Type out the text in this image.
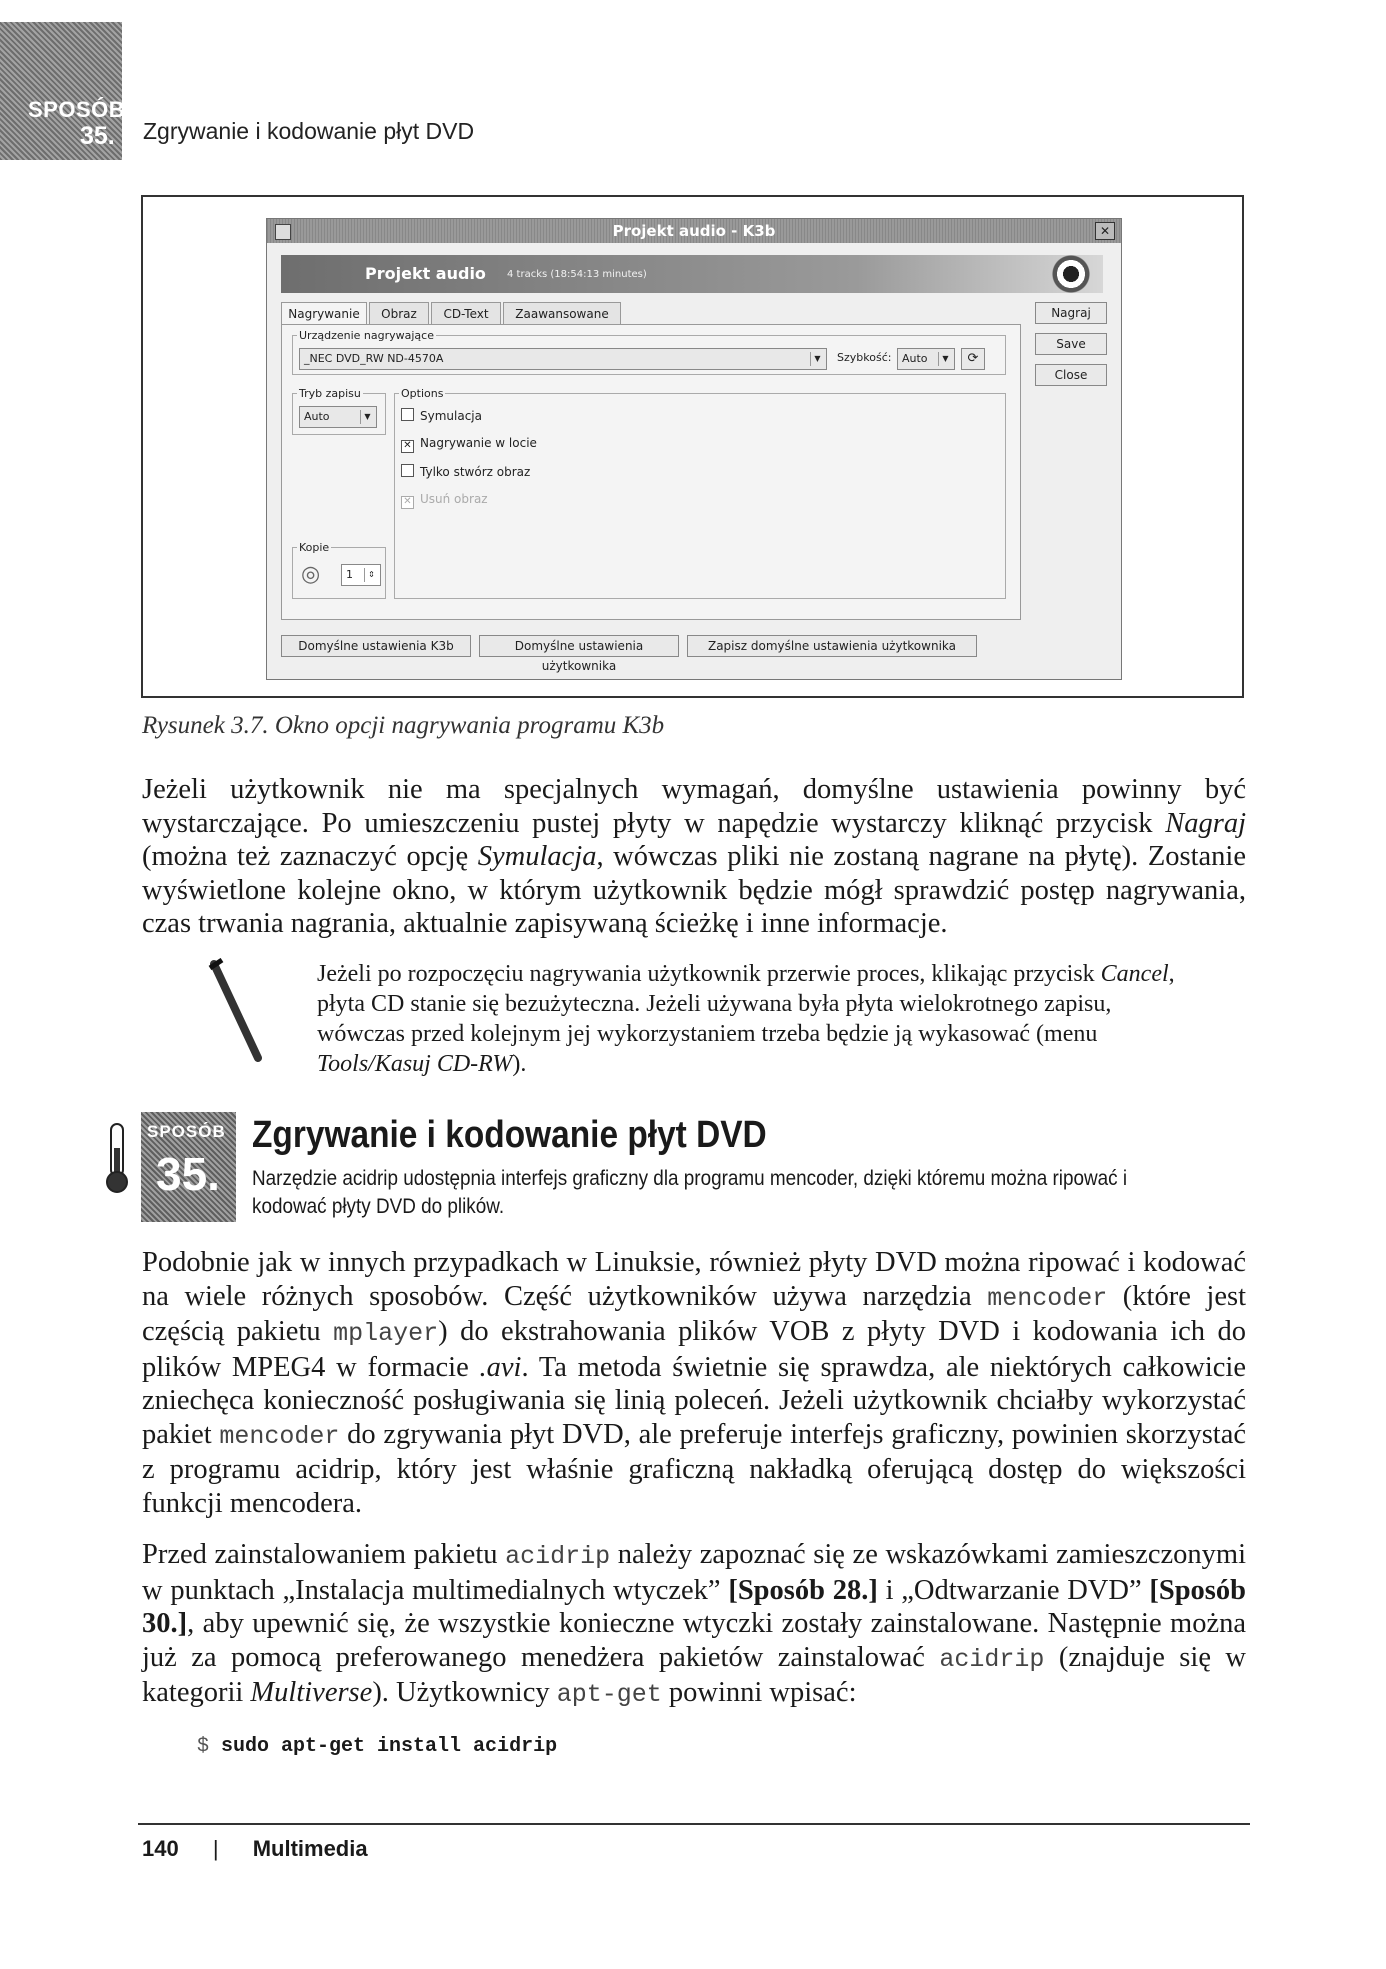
SPOSÓB
35. Zgrywanie i kodowanie płyt DVD
Projekt audio - K3b	✕
Projekt audio 4 tracks (18:54:13 minutes)
Nagrywanie	Obraz	CD-Text	Zaawansowane	Nagraj
Save
Close
Urządzenie nagrywające
_NEC DVD_RW ND-4570A	▼	Szybkość: Auto	▼	⟳
Tryb zapisu
Auto	▼
Options
Symulacja
✕ Nagrywanie w locie
Tylko stwórz obraz
✕ Usuń obraz
Kopie
◎	1	⇕
Domyślne ustawienia K3b	Domyślne ustawienia użytkownika
Zapisz domyślne ustawienia użytkownika
Rysunek 3.7. Okno opcji nagrywania programu K3b
Jeżeli użytkownik nie ma specjalnych wymagań, domyślne ustawienia powinny być wystarczające. Po umieszczeniu pustej płyty w napędzie wystarczy kliknąć przycisk Nagraj (można też zaznaczyć opcję Symulacja, wówczas pliki nie zostaną nagrane na płytę). Zostanie wyświetlone kolejne okno, w którym użytkownik będzie mógł sprawdzić postęp nagrywania, czas trwania nagrania, aktualnie zapisywaną ścieżkę i inne informacje.
Jeżeli po rozpoczęciu nagrywania użytkownik przerwie proces, klikając przycisk Cancel, płyta CD stanie się bezużyteczna. Jeżeli używana była płyta wielokrotnego zapisu, wówczas przed kolejnym jej wykorzystaniem trzeba będzie ją wykasować (menu Tools/Kasuj CD-RW).
SPOSÓB
35.
Zgrywanie i kodowanie płyt DVD
Narzędzie acidrip udostępnia interfejs graficzny dla programu mencoder, dzięki któremu można ripować i kodować płyty DVD do plików.
Podobnie jak w innych przypadkach w Linuksie, również płyty DVD można ripować i kodować na wiele różnych sposobów. Część użytkowników używa narzędzia mencoder (które jest częścią pakietu mplayer) do ekstrahowania plików VOB z płyty DVD i kodowania ich do plików MPEG4 w formacie .avi. Ta metoda świetnie się sprawdza, ale niektórych całkowicie zniechęca konieczność posługiwania się linią poleceń. Jeżeli użytkownik chciałby wykorzystać pakiet mencoder do zgrywania płyt DVD, ale preferuje interfejs graficzny, powinien skorzystać z programu acidrip, który jest właśnie graficzną nakładką oferującą dostęp do większości funkcji mencodera.
Przed zainstalowaniem pakietu acidrip należy zapoznać się ze wskazówkami zamieszczonymi w punktach „Instalacja multimedialnych wtyczek” [Sposób 28.] i „Odtwarzanie DVD” [Sposób 30.], aby upewnić się, że wszystkie konieczne wtyczki zostały zainstalowane. Następnie można już za pomocą preferowanego menedżera pakietów zainstalować acidrip (znajduje się w kategorii Multiverse). Użytkownicy apt-get powinni wpisać:
$ sudo apt-get install acidrip
140 | Multimedia
